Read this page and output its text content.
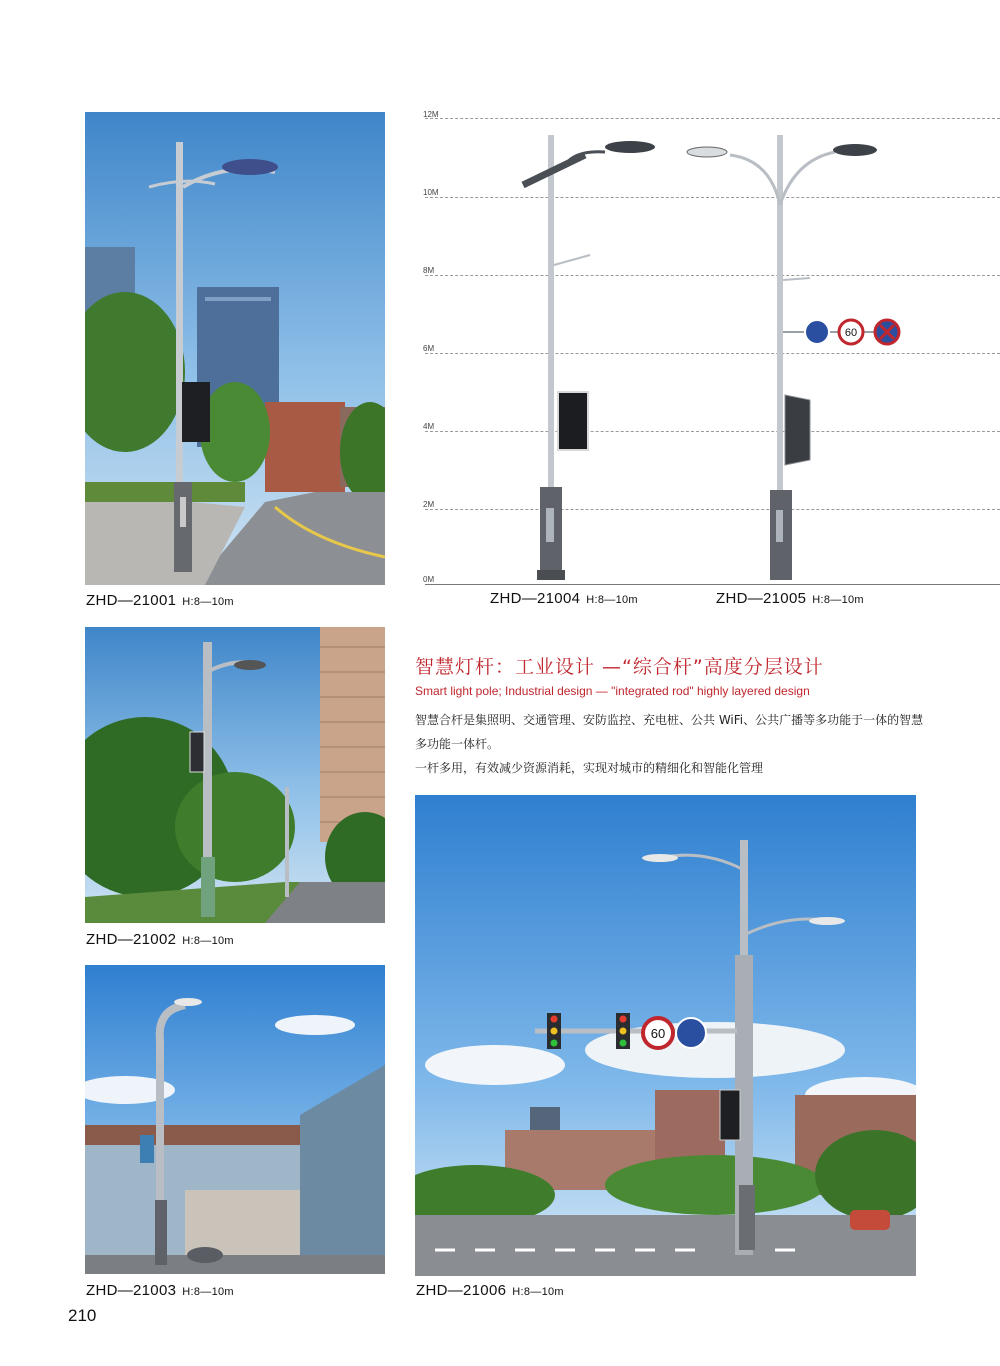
ZHD—21001 H:8—10m
12M
10M
8M
6M
4M
2M
0M
60
ZHD—21004 H:8—10m	ZHD—21005 H:8—10m
ZHD—21002 H:8—10m
ZHD—21003 H:8—10m
智慧灯杆：工业设计 —“综合杆”高度分层设计
Smart light pole; Industrial design — "integrated rod" highly layered design
智慧合杆是集照明、交通管理、安防监控、充电桩、公共 WiFi、公共广播等多功能于一体的智慧多功能一体杆。
一杆多用，有效减少资源消耗，实现对城市的精细化和智能化管理
60
ZHD—21006 H:8—10m
210
